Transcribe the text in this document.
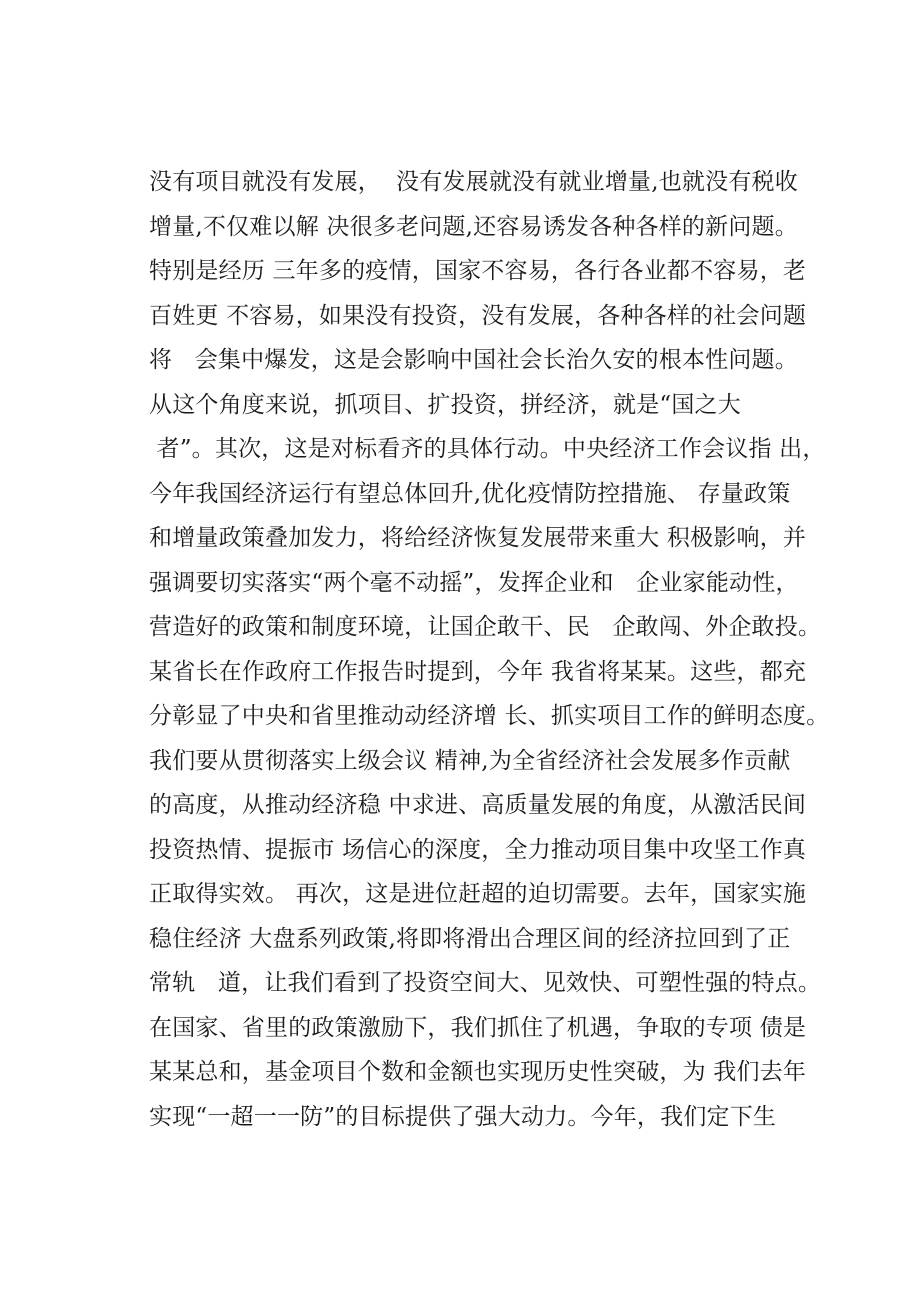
没有项目就没有发展，  没有发展就没有就业增量,也就没有税收
增量,不仅难以解 决很多老问题,还容易诱发各种各样的新问题。
特别是经历 三年多的疫情，国家不容易，各行各业都不容易，老
百姓更 不容易，如果没有投资，没有发展，各种各样的社会问题
将   会集中爆发，这是会影响中国社会长治久安的根本性问题。
从这个角度来说，抓项目、扩投资，拼经济，就是“国之大
者”。其次，这是对标看齐的具体行动。中央经济工作会议指 出，
今年我国经济运行有望总体回升,优化疫情防控措施、 存量政策
和增量政策叠加发力，将给经济恢复发展带来重大 积极影响，并
强调要切实落实“两个毫不动摇”，发挥企业和   企业家能动性，
营造好的政策和制度环境，让国企敢干、民   企敢闯、外企敢投。
某省长在作政府工作报告时提到，今年 我省将某某。这些，都充
分彰显了中央和省里推动动经济增 长、抓实项目工作的鲜明态度。
我们要从贯彻落实上级会议 精神,为全省经济社会发展多作贡献
的高度，从推动经济稳 中求进、高质量发展的角度，从激活民间
投资热情、提振市 场信心的深度，全力推动项目集中攻坚工作真
正取得实效。 再次，这是进位赶超的迫切需要。去年，国家实施
稳住经济 大盘系列政策,将即将滑出合理区间的经济拉回到了正
常轨   道，让我们看到了投资空间大、见效快、可塑性强的特点。
在国家、省里的政策激励下，我们抓住了机遇，争取的专项 债是
某某总和，基金项目个数和金额也实现历史性突破，为 我们去年
实现“一超一一防”的目标提供了强大动力。今年，我们定下生
